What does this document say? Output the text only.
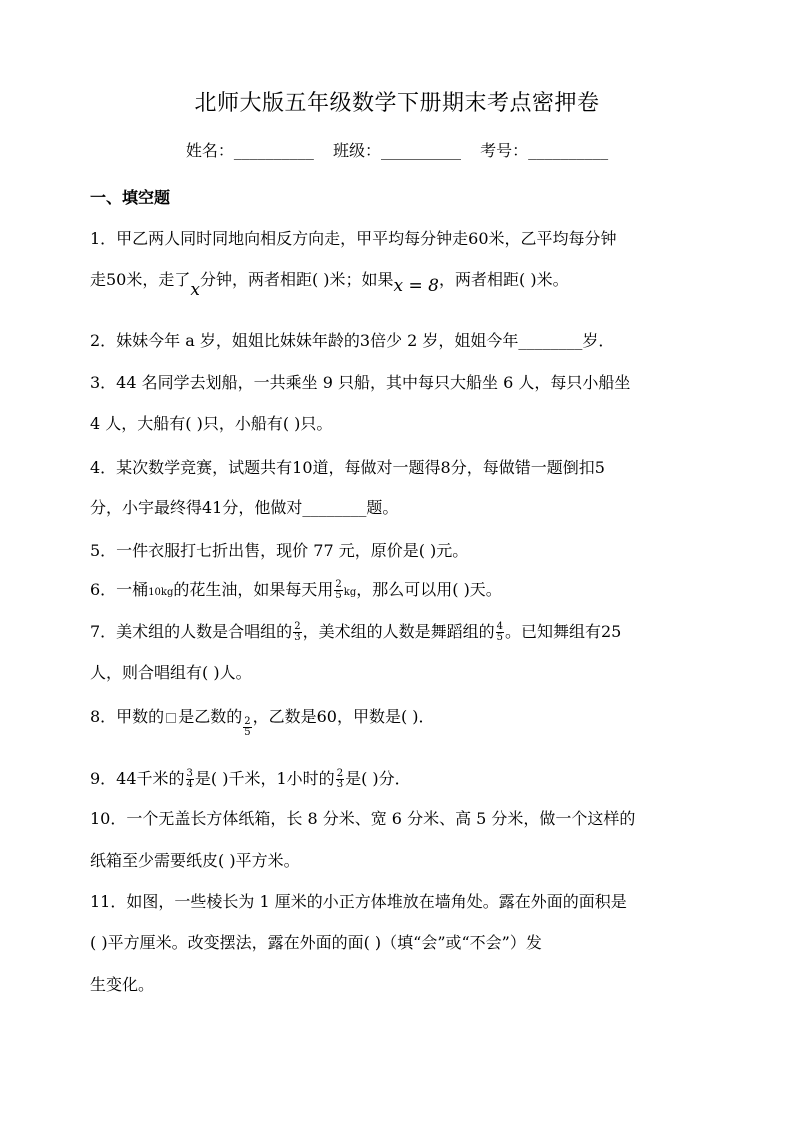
北师大版五年级数学下册期末考点密押卷
姓名：__________ 班级：__________ 考号：__________
一、填空题
1．甲乙两人同时同地向相反方向走，甲平均每分钟走60米，乙平均每分钟
走50米，走了x分钟，两者相距( )米；如果x = 8，两者相距( )米。
2．妹妹今年 a 岁，姐姐比妹妹年龄的3倍少 2 岁，姐姐今年________岁．
3．44 名同学去划船，一共乘坐 9 只船，其中每只大船坐 6 人，每只小船坐
4 人，大船有( )只，小船有( )只。
4．某次数学竞赛，试题共有10道，每做对一题得8分，每做错一题倒扣5
分，小宇最终得41分，他做对________题。
5．一件衣服打七折出售，现价 77 元，原价是( )元。
6．一桶10kg的花生油，如果每天用 $\frac{2}{5}$ kg，那么可以用( )天。
7．美术组的人数是合唱组的 $\frac{2}{3}$ ，美术组的人数是舞蹈组的 $\frac{4}{5}$ 。已知舞组有25
人，则合唱组有( )人。
8．甲数的 是乙数的
$\frac{2}{5}$
，乙数是60，甲数是( )．
9．44千米的 $\frac{3}{4}$ 是( )千米，1小时的 $\frac{2}{3}$ 是( )分．
10．一个无盖长方体纸箱，长 8 分米、宽 6 分米、高 5 分米，做一个这样的
纸箱至少需要纸皮( )平方米。
11．如图，一些棱长为 1 厘米的小正方体堆放在墙角处。露在外面的面积是
( )平方厘米。改变摆法，露在外面的面( )（填“会”或“不会”）发
生变化。
